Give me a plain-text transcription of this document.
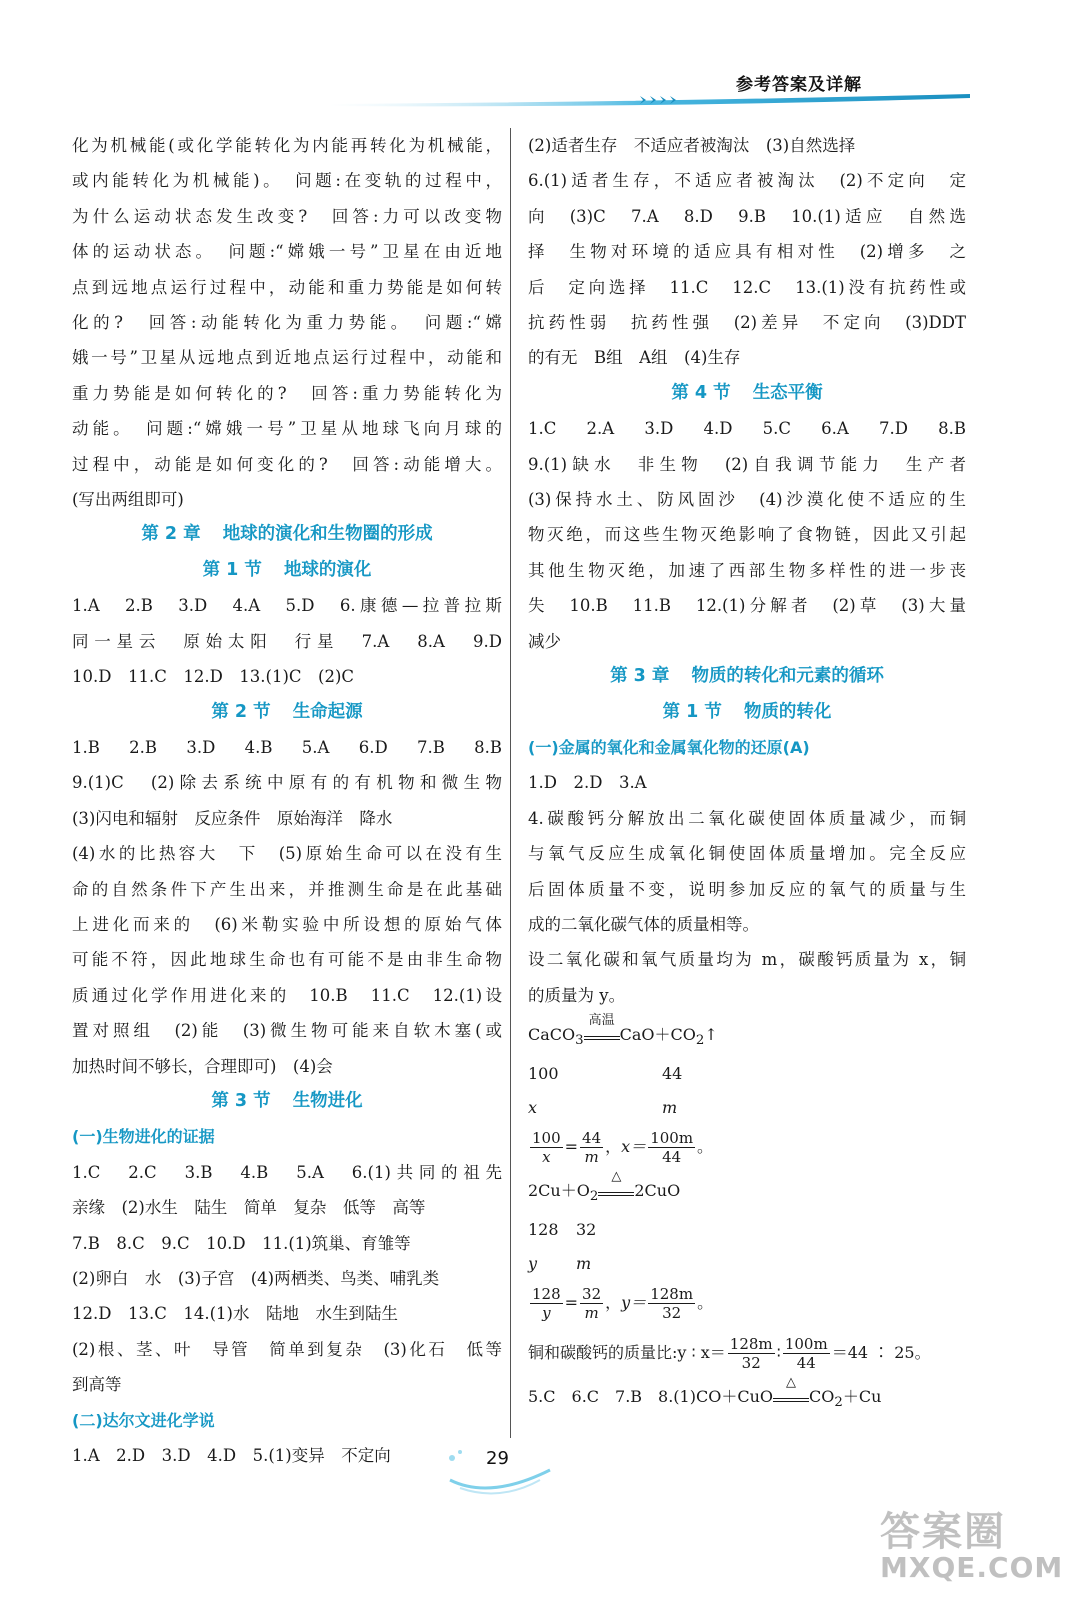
参考答案及详解
化为机械能(或化学能转化为内能再转化为机械能，
或内能转化为机械能)。　问题:在变轨的过程中，
为什么运动状态发生改变?　回答:力可以改变物
体的运动状态。　问题:“嫦娥一号”卫星在由近地
点到远地点运行过程中，动能和重力势能是如何转
化的?　回答:动能转化为重力势能。　问题:“嫦
娥一号”卫星从远地点到近地点运行过程中，动能和
重力势能是如何转化的?　回答:重力势能转化为
动能。　问题:“嫦娥一号”卫星从地球飞向月球的
过程中，动能是如何变化的?　回答:动能增大。
(写出两组即可)
第 2 章 地球的演化和生物圈的形成
第 1 节 地球的演化
1.A　2.B　3.D　4.A　5.D　6.康德—拉普拉斯
同一星云　原始太阳　行星　7.A　8.A　9.D
10.D　11.C　12.D　13.(1)C　(2)C
第 2 节 生命起源
1.B　2.B　3.D　4.B　5.A　6.D　7.B　8.B
9.(1)C　(2)除去系统中原有的有机物和微生物
(3)闪电和辐射　反应条件　原始海洋　降水
(4)水的比热容大　下　(5)原始生命可以在没有生
命的自然条件下产生出来，并推测生命是在此基础
上进化而来的　(6)米勒实验中所设想的原始气体
可能不符，因此地球生命也有可能不是由非生命物
质通过化学作用进化来的　10.B　11.C　12.(1)设
置对照组　(2)能　(3)微生物可能来自软木塞(或
加热时间不够长，合理即可)　(4)会
第 3 节 生物进化
(一)生物进化的证据
1.C　2.C　3.B　4.B　5.A　6.(1)共同的祖先
亲缘　(2)水生　陆生　简单　复杂　低等　高等
7.B　8.C　9.C　10.D　11.(1)筑巢、育雏等
(2)卵白　水　(3)子宫　(4)两栖类、鸟类、哺乳类
12.D　13.C　14.(1)水　陆地　水生到陆生
(2)根、茎、叶　导管　简单到复杂　(3)化石　低等
到高等
(二)达尔文进化学说
1.A　2.D　3.D　4.D　5.(1)变异　不定向
(2)适者生存　不适应者被淘汰　(3)自然选择
6.(1)适者生存，不适应者被淘汰　(2)不定向　定
向　(3)C　7.A　8.D　9.B　10.(1)适应　自然选
择　生物对环境的适应具有相对性　(2)增多　之
后　定向选择　11.C　12.C　13.(1)没有抗药性或
抗药性弱　抗药性强　(2)差异　不定向　(3)DDT
的有无　B组　A组　(4)生存
第 4 节 生态平衡
1.C　2.A　3.D　4.D　5.C　6.A　7.D　8.B
9.(1)缺水　非生物　(2)自我调节能力　生产者
(3)保持水土、防风固沙　(4)沙漠化使不适应的生
物灭绝，而这些生物灭绝影响了食物链，因此又引起
其他生物灭绝，加速了西部生物多样性的进一步丧
失　10.B　11.B　12.(1)分解者　(2)草　(3)大量
减少
第 3 章 物质的转化和元素的循环
第 1 节 物质的转化
(一)金属的氧化和金属氧化物的还原(A)
1.D　2.D　3.A
4.碳酸钙分解放出二氧化碳使固体质量减少，而铜
与氧气反应生成氧化铜使固体质量增加。完全反应
后固体质量不变，说明参加反应的氧气的质量与生
成的二氧化碳气体的质量相等。
设二氧化碳和氧气质量均为 m，碳酸钙质量为 x，铜
的质量为 y。
CaCO$_3$
高温
$CaO+CO_2↑$
100	44
x	m
$\frac{100}{x} = \frac{44}{m}$ ，$x= \frac{100m}{44}$ 。
$2Cu+O_2$
△
2CuO
128 32
y m
$\frac{128}{y} = \frac{32}{m}$ ，$y= \frac{128m}{32}$ 。
铜和碳酸钙的质量比:y ∶ $x= \frac{128m}{32}$ ∶ $\frac{100m}{44} =44$ ∶ 25。
5.C　6.C　7.B　8.(1)CO＋CuO
△
$CO_2+Cu$
29
答案圈
MXQE.COM
